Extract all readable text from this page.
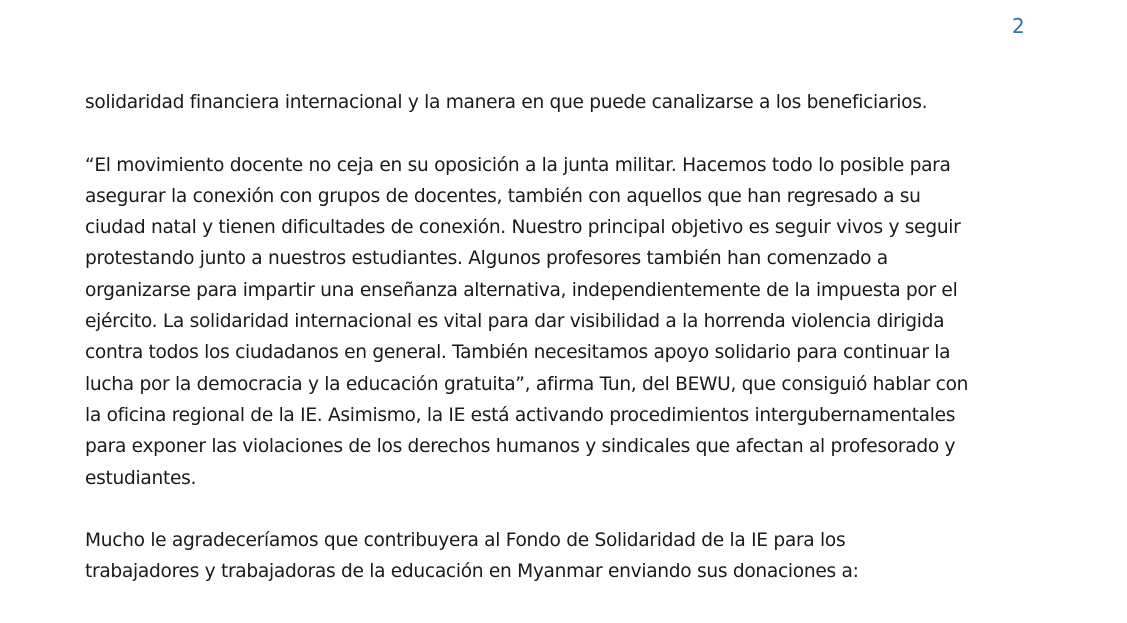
2

solidaridad financiera internacional y la manera en que puede canalizarse a los beneficiarios.

“El movimiento docente no ceja en su oposición a la junta militar. Hacemos todo lo posible para
asegurar la conexión con grupos de docentes, también con aquellos que han regresado a su
ciudad natal y tienen dificultades de conexión. Nuestro principal objetivo es seguir vivos y seguir
protestando junto a nuestros estudiantes. Algunos profesores también han comenzado a
organizarse para impartir una enseñanza alternativa, independientemente de la impuesta por el
ejército. La solidaridad internacional es vital para dar visibilidad a la horrenda violencia dirigida
contra todos los ciudadanos en general. También necesitamos apoyo solidario para continuar la
lucha por la democracia y la educación gratuita”, afirma Tun, del BEWU, que consiguió hablar con
la oficina regional de la IE. Asimismo, la IE está activando procedimientos intergubernamentales
para exponer las violaciones de los derechos humanos y sindicales que afectan al profesorado y
estudiantes.

Mucho le agradeceríamos que contribuyera al Fondo de Solidaridad de la IE para los
trabajadores y trabajadoras de la educación en Myanmar enviando sus donaciones a:
